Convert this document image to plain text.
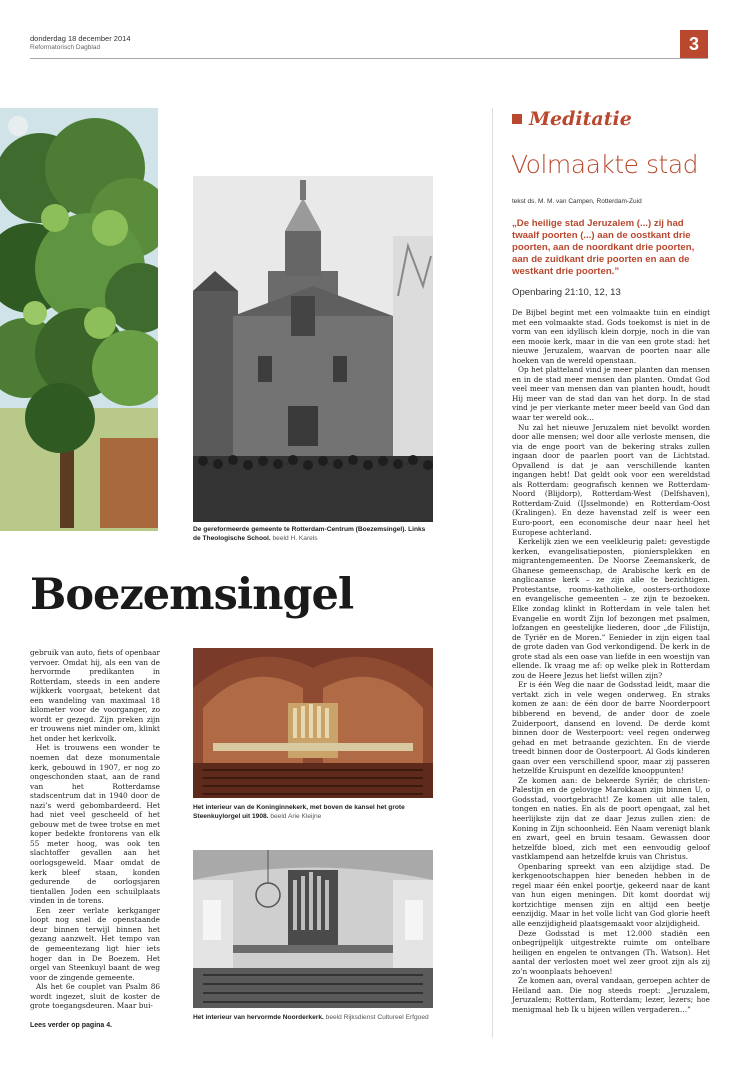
donderdag 18 december 2014
Reformatorisch Dagblad	3
De gereformeerde gemeente te Rotterdam-Centrum (Boezemsingel). Links de Theologische School. beeld H. Karels
Boezemsingel

gebruik van auto, fiets of openbaar vervoer. Omdat hij, als een van de hervormde predikanten in Rotterdam, steeds in een andere wijkkerk voorgaat, betekent dat een wandeling van maximaal 18 kilometer voor de voorganger, zo wordt er gezegd. Zijn preken zijn er trouwens niet minder om, klinkt het onder het kerkvolk.

Het is trouwens een wonder te noemen dat deze monumentale kerk, gebouwd in 1907, er nog zo ongeschonden staat, aan de rand van het Rotterdamse stadscentrum dat in 1940 door de nazi’s werd gebombardeerd. Het had niet veel gescheeld of het gebouw met de twee trotse en met koper bedekte frontorens van elk 55 meter hoog, was ook ten slachtoffer gevallen aan het oorlogsgeweld. Maar omdat de kerk bleef staan, konden gedurende de oorlogsjaren tientallen Joden een schuilplaats vinden in de torens.

Een zeer verlate kerkganger loopt nog snel de openstaande deur binnen terwijl binnen het gezang aanzwelt. Het tempo van de gemeentezang ligt hier iets hoger dan in De Boezem. Het orgel van Steenkuyl baant de weg voor de zingende gemeente.

Als het 6e couplet van Psalm 86 wordt ingezet, sluit de koster de grote toegangsdeuren. Maar bui-

Lees verder op pagina 4.
Het interieur van de Koninginnekerk, met boven de kansel het grote Steenkuylorgel uit 1908. beeld Arie Kleijne
Het interieur van hervormde Noorderkerk. beeld Rijksdienst Cultureel Erfgoed
Meditatie
Volmaakte stad
tekst ds. M. M. van Campen, Rotterdam-Zuid
„De heilige stad Jeruzalem (...) zij had twaalf poorten (...) aan de oostkant drie poorten, aan de noordkant drie poorten, aan de zuidkant drie poorten en aan de westkant drie poorten.”
Openbaring 21:10, 12, 13

De Bijbel begint met een volmaakte tuin en eindigt met een volmaakte stad. Gods toekomst is niet in de vorm van een idyllisch klein dorpje, noch in die van een mooie kerk, maar in die van een grote stad: het nieuwe Jeruzalem, waarvan de poorten naar alle hoeken van de wereld openstaan.

Op het platteland vind je meer planten dan mensen en in de stad meer mensen dan planten. Omdat God veel meer van mensen dan van planten houdt, houdt Hij meer van de stad dan van het dorp. In de stad vind je per vierkante meter meer beeld van God dan waar ter wereld ook…

Nu zal het nieuwe Jeruzalem niet bevolkt worden door alle mensen; wel door alle verloste mensen, die via de enge poort van de bekering straks zullen ingaan door de paarlen poort van de Lichtstad. Opvallend is dat je aan verschillende kanten ingangen hebt! Dat geldt ook voor een wereldstad als Rotterdam: geografisch kennen we Rotterdam-Noord (Blijdorp), Rotterdam-West (Delfshaven), Rotterdam-Zuid (IJsselmonde) en Rotterdam-Oost (Kralingen). En deze havenstad zelf is weer een Euro-poort, een economische deur naar heel het Europese achterland.

Kerkelijk zien we een veelkleurig palet: gevestigde kerken, evangelisatieposten, pioniersplekken en migrantengemeenten. De Noorse Zeemanskerk, de Ghanese gemeenschap, de Arabische kerk en de anglicaanse kerk – ze zijn alle te bezichtigen. Protestantse, rooms-katholieke, oosters-orthodoxe en evangelische gemeenten – ze zijn te bezoeken. Elke zondag klinkt in Rotterdam in vele talen het Evangelie en wordt Zijn lof bezongen met psalmen, lofzangen en geestelijke liederen, door „de Filistijn, de Tyriër en de Moren.” Eenieder in zijn eigen taal de grote daden van God verkondigend. De kerk in de grote stad als een oase van liefde in een woestijn van ellende. Ik vraag me af: op welke plek in Rotterdam zou de Heere Jezus het liefst willen zijn?

Er is één Weg die naar de Godsstad leidt, maar die vertakt zich in vele wegen onderweg. En straks komen ze aan: de één door de barre Noorderpoort bibberend en bevend, de ander door de zoele Zuiderpoort, dansend en lovend. De derde komt binnen door de Westerpoort: veel regen onderweg gehad en met betraande gezichten. En de vierde treedt binnen door de Oosterpoort. Al Gods kinderen gaan over een verschillend spoor, maar zij passeren hetzelfde Kruispunt en dezelfde knooppunten!

Ze komen aan: de bekeerde Syriër, de christen-Palestijn en de gelovige Marokkaan zijn binnen U, o Godsstad, voortgebracht! Ze komen uit alle talen, tongen en naties. En als de poort opengaat, zal het heerlijkste zijn dat ze daar Jezus zullen zien: de Koning in Zijn schoonheid. Eén Naam verenigt blank en zwart, geel en bruin tesaam. Gewassen door hetzelfde bloed, zich met een eenvoudig geloof vastklampend aan hetzelfde kruis van Christus.

Openbaring spreekt van een alzijdige stad. De kerkgenootschappen hier beneden hebben in de regel maar één enkel poortje, gekeerd naar de kant van hun eigen meningen. Dit komt doordat wij kortzichtige mensen zijn en altijd een beetje eenzijdig. Maar in het volle licht van God glorie heeft alle eenzijdigheid plaatsgemaakt voor alzijdigheid.

Deze Godsstad is met 12.000 stadiën een onbegrijpelijk uitgestrekte ruimte om ontelbare heiligen en engelen te ontvangen (Th. Watson). Het aantal der verlosten moet wel zeer groot zijn als zij zo’n woonplaats behoeven!

Ze komen aan, overal vandaan, geroepen achter de Heiland aan. Die nog steeds roept: „Jeruzalem, Jeruzalem; Rotterdam, Rotterdam; lezer, lezers; hoe menigmaal heb Ik u bijeen willen vergaderen…”
